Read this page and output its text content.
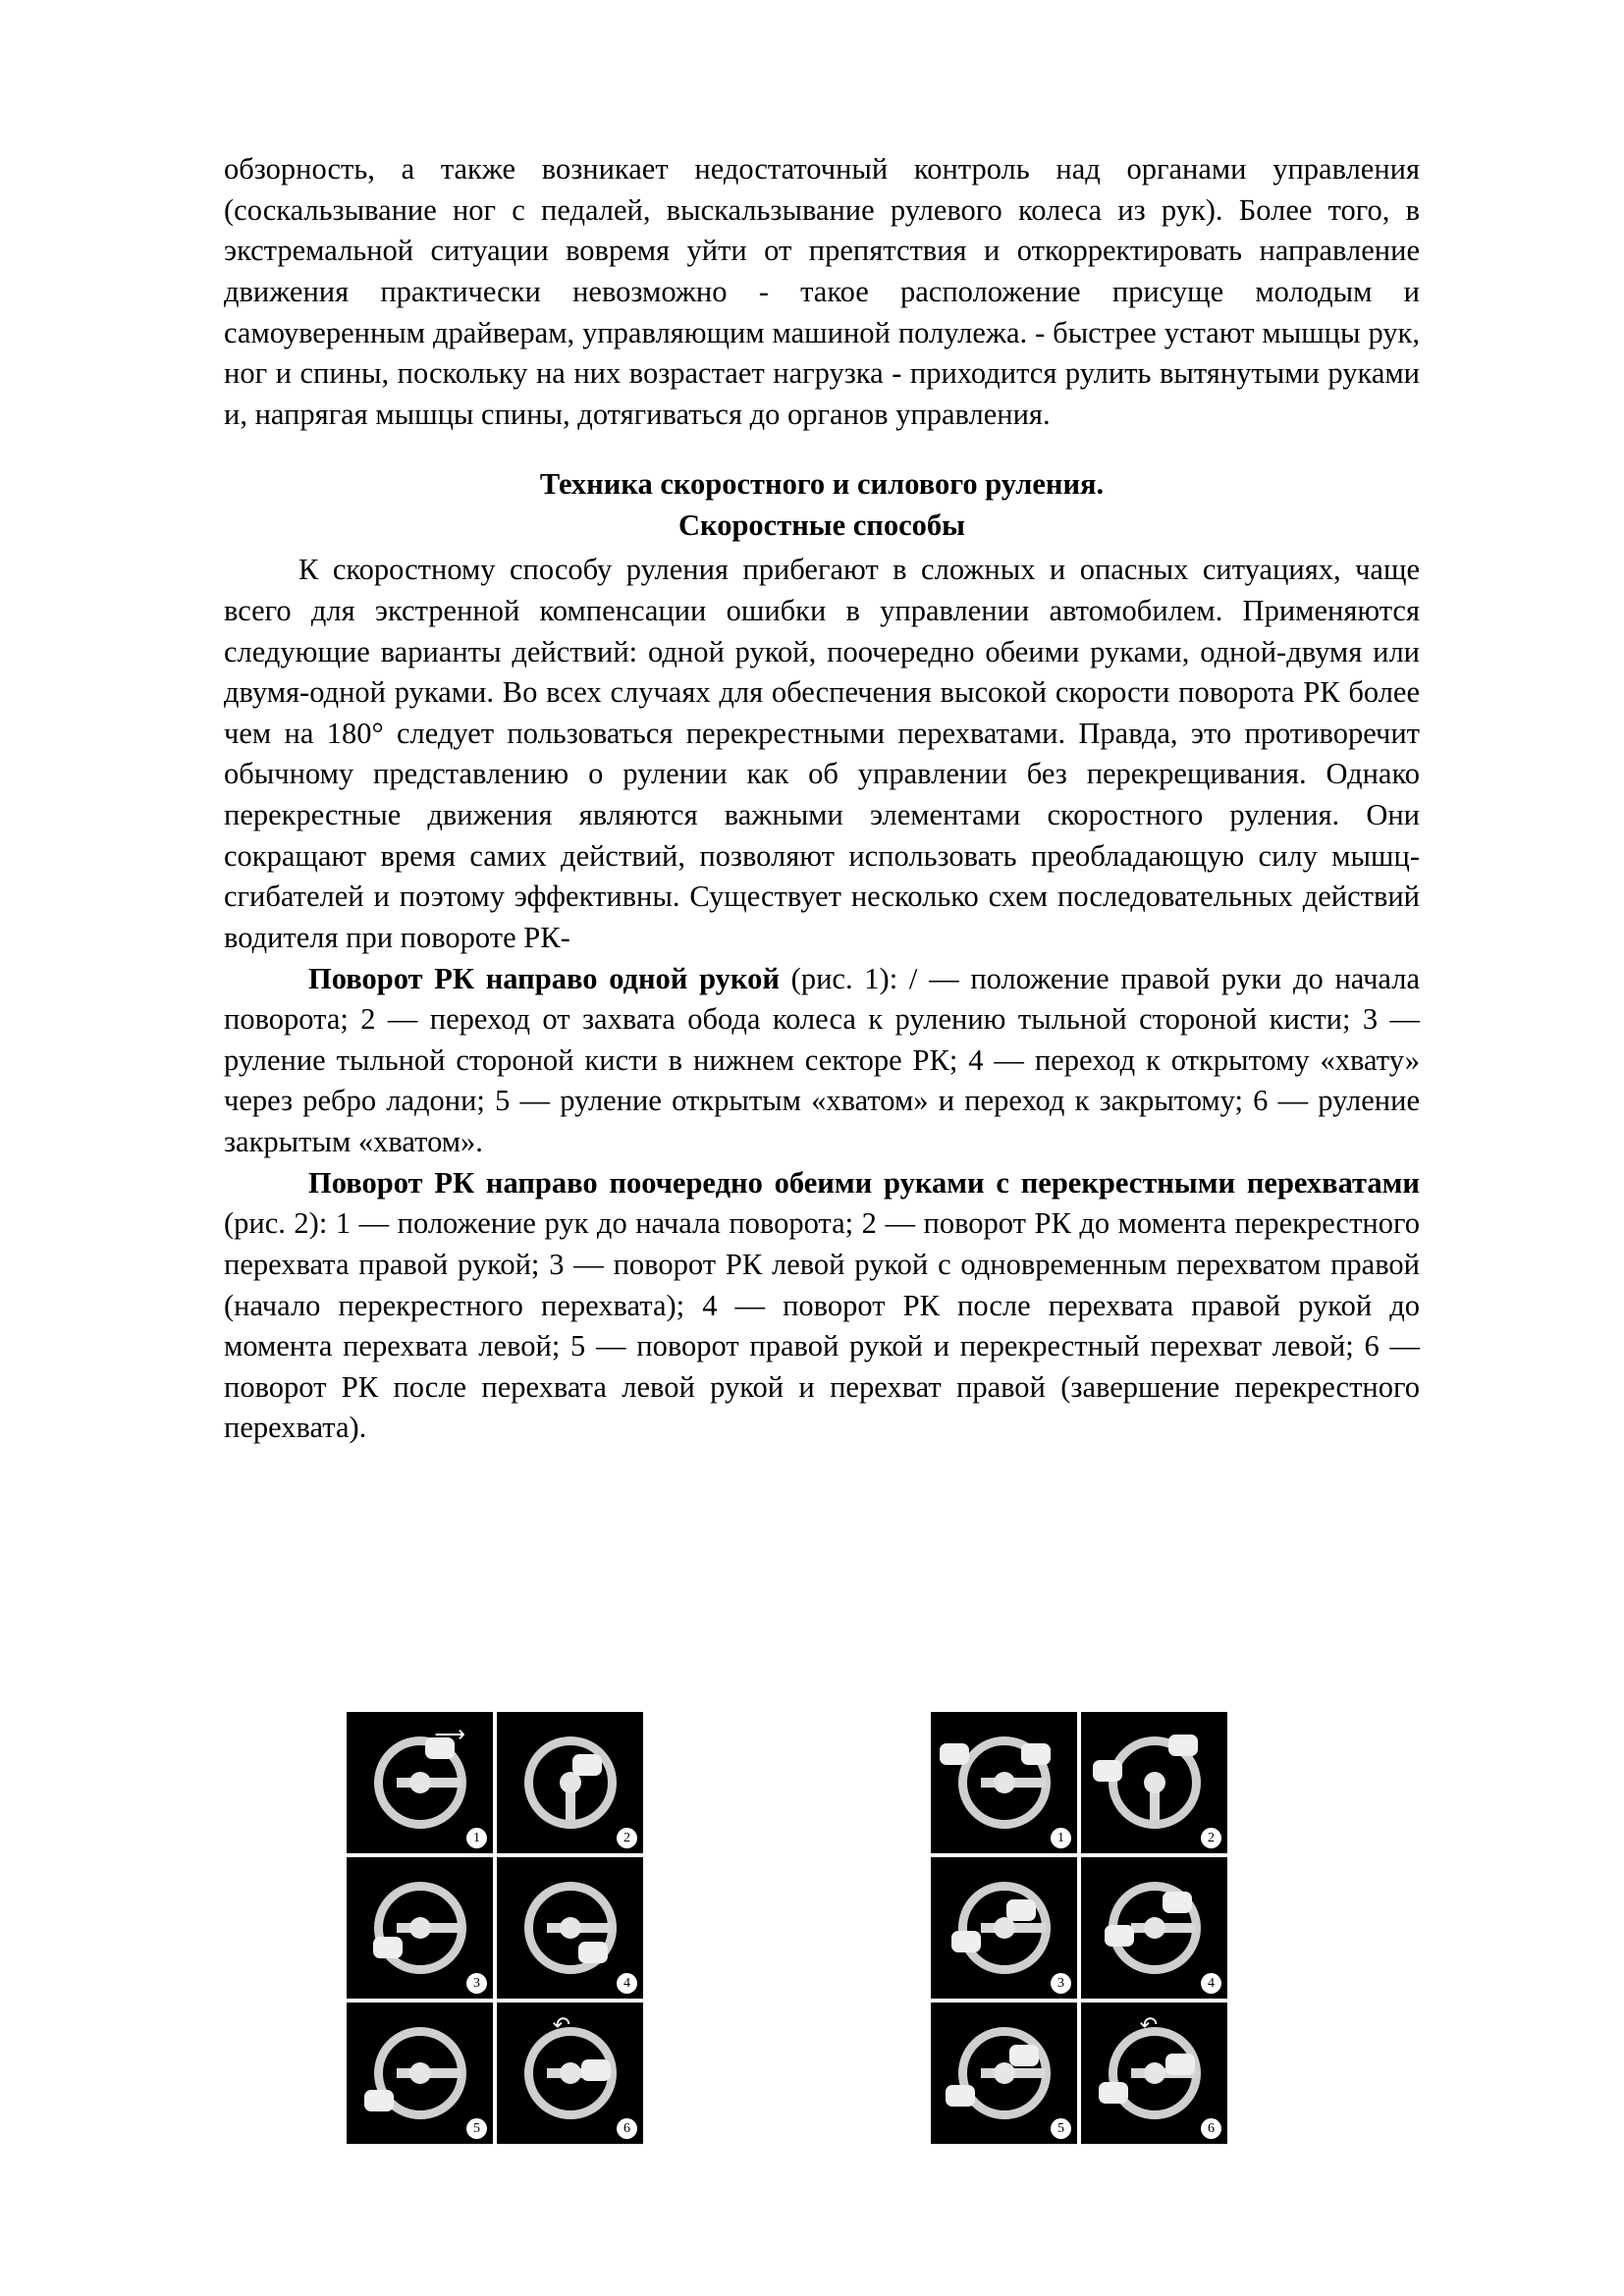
обзорность, а также возникает недостаточный контроль над органами управления (соскальзывание ног с педалей, выскальзывание рулевого колеса из рук). Более того, в экстремальной ситуации вовремя уйти от препятствия и откорректировать направление движения практически невозможно - такое расположение присуще молодым и самоуверенным драйверам, управляющим машиной полулежа. - быстрее устают мышцы рук, ног и спины, поскольку на них возрастает нагрузка - приходится рулить вытянутыми руками и, напрягая мышцы спины, дотягиваться до органов управления.

Техника скоростного и силового руления.

Скоростные способы

К скоростному способу руления прибегают в сложных и опасных ситуациях, чаще всего для экстренной компенсации ошибки в управлении автомобилем. Применяются следующие варианты действий: одной рукой, поочередно обеими руками, одной-двумя или двумя-одной руками. Во всех случаях для обеспечения высокой скорости поворота РК более чем на 180° следует пользоваться перекрестными перехватами. Правда, это противоречит обычному представлению о рулении как об управлении без перекрещивания. Однако перекрестные движения являются важными элементами скоростного руления. Они сокращают время самих действий, позволяют использовать преобладающую силу мышц-сгибателей и поэтому эффективны. Существует несколько схем последовательных действий водителя при повороте РК-

Поворот РК направо одной рукой (рис. 1): / — положение правой руки до начала поворота; 2 — переход от захвата обода колеса к рулению тыльной стороной кисти; 3 — руление тыльной стороной кисти в нижнем секторе РК; 4 — переход к открытому «хвату» через ребро ладони; 5 — руление открытым «хватом» и переход к закрытому; 6 — руление закрытым «хватом».

Поворот РК направо поочередно обеими руками с перекрестными перехватами (рис. 2): 1 — положение рук до начала поворота; 2 — поворот РК до момента перекрестного перехвата правой рукой; 3 — поворот РК левой рукой с одновременным перехватом правой (начало перекрестного перехвата); 4 — поворот РК после перехвата правой рукой до момента перехвата левой; 5 — поворот правой рукой и перекрестный перехват левой; 6 — поворот РК после перехвата левой рукой и перехват правой (завершение перекрестного перехвата).

⟶
1	2
3	4
5
↶
6
1	2
3	4
5
↶
6
